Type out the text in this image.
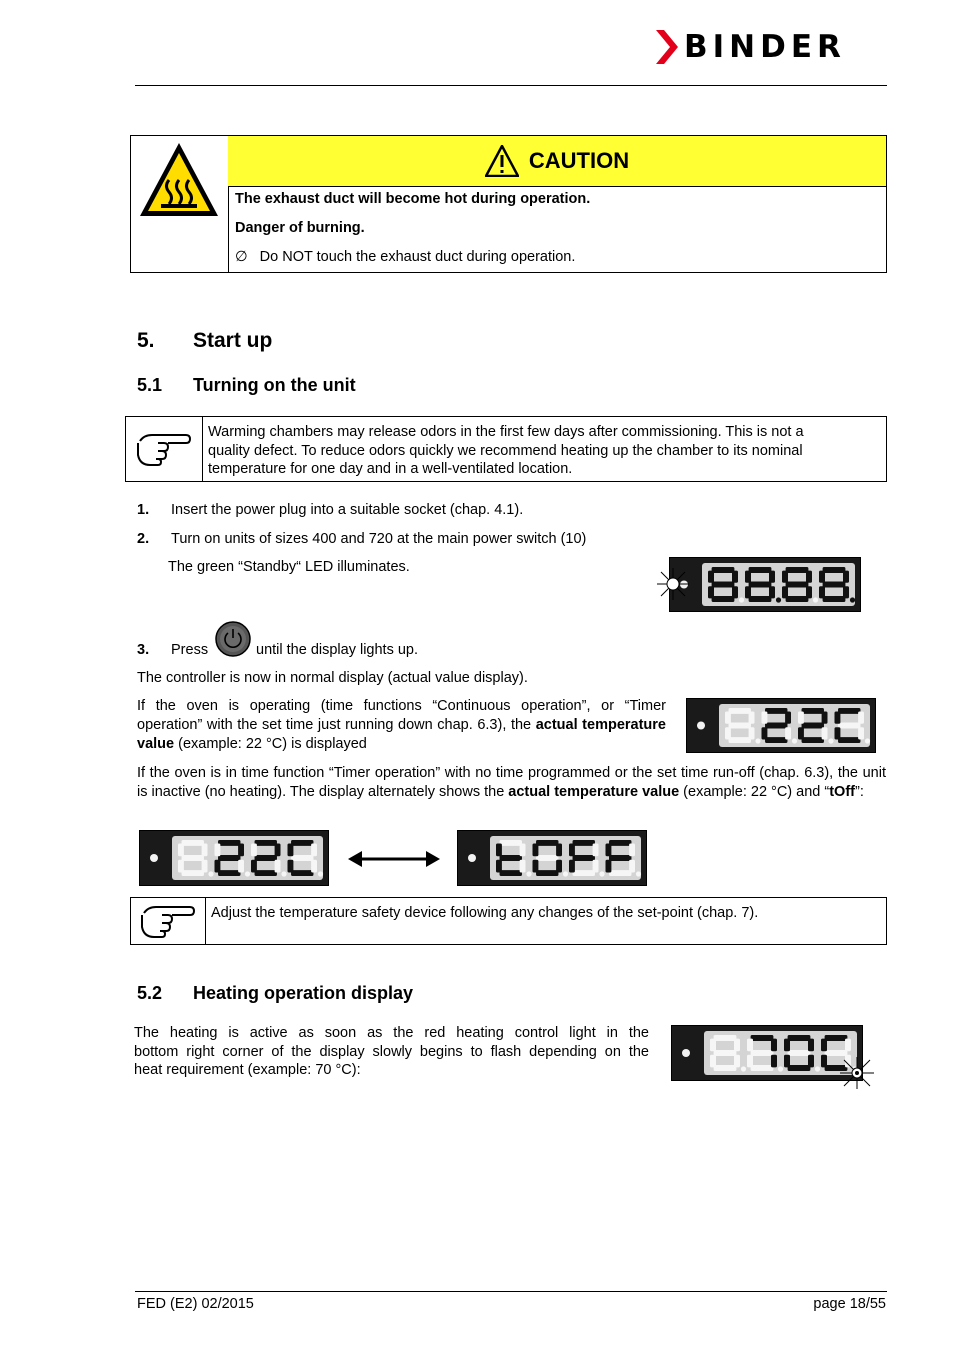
BINDER
CAUTION
The exhaust duct will become hot during operation.
Danger of burning.
∅ Do NOT touch the exhaust duct during operation.
5. Start up
5.1 Turning on the unit
Warming chambers may release odors in the first few days after commissioning. This is not a
quality defect. To reduce odors quickly we recommend heating up the chamber to its nominal
temperature for one day and in a well-ventilated location.
1. Insert the power plug into a suitable socket (chap. 4.1).
2. Turn on units of sizes 400 and 720 at the main power switch (10)
The green “Standby“ LED illuminates.
3. Press	until the display lights up.
The controller is now in normal display (actual value display).
If the oven is operating (time functions “Continuous operation”, or “Timer operation” with the set time just running down chap. 6.3), the actual temperature value (example: 22 °C) is displayed
If the oven is in time function “Timer operation” with no time programmed or the set time run-off (chap. 6.3), the unit is inactive (no heating). The display alternately shows the actual temperature value (example: 22 °C) and “tOff”:
Adjust the temperature safety device following any changes of the set-point (chap. 7).
5.2 Heating operation display
The heating is active as soon as the red heating control light in the
bottom right corner of the display slowly begins to flash depending on the
heat requirement (example: 70 °C):
FED (E2) 02/2015	page 18/55
